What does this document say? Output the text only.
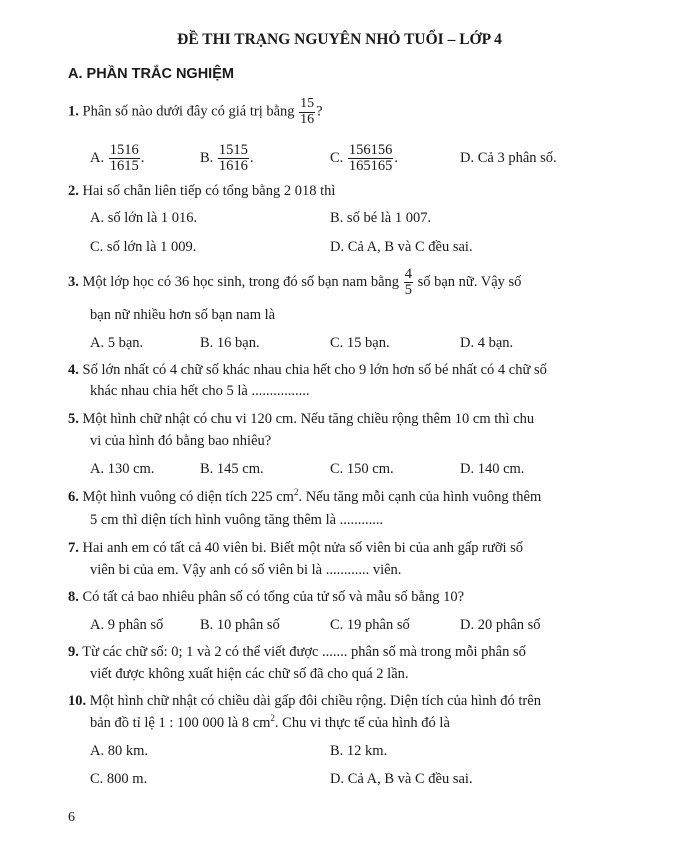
ĐỀ THI TRẠNG NGUYÊN NHỎ TUỔI – LỚP 4
A. PHẦN TRẮC NGHIỆM
1. Phân số nào dưới đây có giá trị bằng $\frac{15}{16}$ ?
A. $\frac{1516}{1615}$ .	B. $\frac{1515}{1616}$ .	C. $\frac{156156}{165165}$ .	D. Cả 3 phân số.
2. Hai số chẵn liên tiếp có tổng bằng 2 018 thì
A. số lớn là 1 016.	B. số bé là 1 007.
C. số lớn là 1 009.	D. Cả A, B và C đều sai.
3. Một lớp học có 36 học sinh, trong đó số bạn nam bằng $\frac{4}{5}$ số bạn nữ. Vậy số
bạn nữ nhiều hơn số bạn nam là
A. 5 bạn.	B. 16 bạn.	C. 15 bạn.	D. 4 bạn.
4. Số lớn nhất có 4 chữ số khác nhau chia hết cho 9 lớn hơn số bé nhất có 4 chữ số
khác nhau chia hết cho 5 là ................
5. Một hình chữ nhật có chu vi 120 cm. Nếu tăng chiều rộng thêm 10 cm thì chu
vi của hình đó bằng bao nhiêu?
A. 130 cm.	B. 145 cm.	C. 150 cm.	D. 140 cm.
6. Một hình vuông có diện tích 225 $cm^2$. Nếu tăng mỗi cạnh của hình vuông thêm
5 cm thì diện tích hình vuông tăng thêm là ............
7. Hai anh em có tất cả 40 viên bi. Biết một nửa số viên bi của anh gấp rưỡi số
viên bi của em. Vậy anh có số viên bi là ............ viên.
8. Có tất cả bao nhiêu phân số có tổng của tử số và mẫu số bằng 10?
A. 9 phân số	B. 10 phân số	C. 19 phân số	D. 20 phân số
9. Từ các chữ số: 0; 1 và 2 có thể viết được ....... phân số mà trong mỗi phân số
viết được không xuất hiện các chữ số đã cho quá 2 lần.
10. Một hình chữ nhật có chiều dài gấp đôi chiều rộng. Diện tích của hình đó trên
bản đồ tỉ lệ 1 : 100 000 là 8 $cm^2$. Chu vi thực tế của hình đó là
A. 80 km.	B. 12 km.
C. 800 m.	D. Cả A, B và C đều sai.
6
